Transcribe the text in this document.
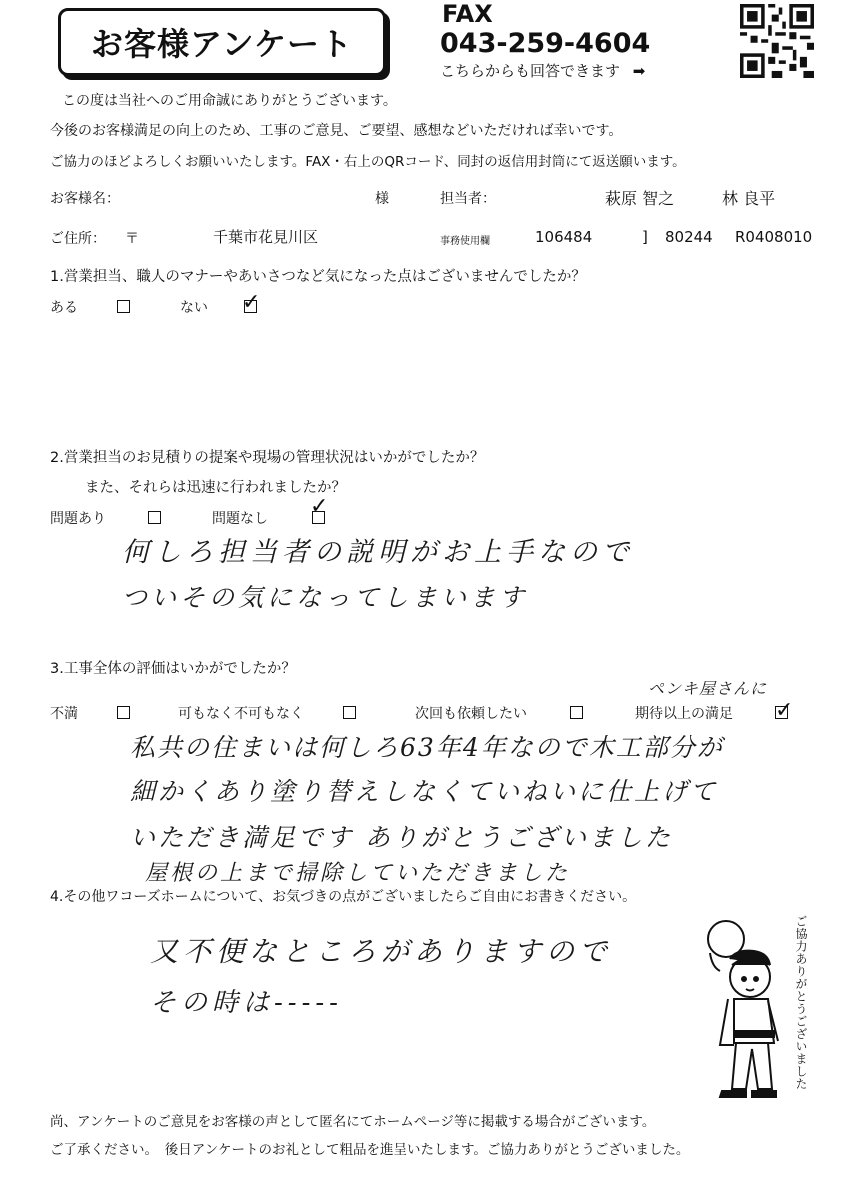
お客様アンケート
FAX
043-259-4604
こちらからも回答できます ➡
この度は当社へのご用命誠にありがとうございます。
今後のお客様満足の向上のため、工事のご意見、ご要望、感想などいただければ幸いです。
ご協力のほどよろしくお願いいたします。FAX・右上のQRコード、同封の返信用封筒にて返送願います。
お客様名：	様	担当者：	萩原 智之	林 良平
ご住所： 〒	千葉市花見川区	事務使用欄	106484	] 80244 R0408010
1.営業担当、職人のマナーやあいさつなど気になった点はございませんでしたか？
ある	ない ✓
2.営業担当のお見積りの提案や現場の管理状況はいかがでしたか？
また、それらは迅速に行われましたか？
問題あり	問題なし ✓
何しろ担当者の説明がお上手なので
ついその気になってしまいます
3.工事全体の評価はいかがでしたか？
不満	可もなく不可もなく	次回も依頼したい	期待以上の満足 ✓
ペンキ屋さんに
私共の住まいは何しろ63年4年なので木工部分が
細かくあり塗り替えしなくていねいに仕上げて
いただき満足です ありがとうございました
屋根の上まで掃除していただきました
4.その他ワコーズホームについて、お気づきの点がございましたらご自由にお書きください。
又不便なところがありますので
その時は-----	ご協力ありがとうございました
尚、アンケートのご意見をお客様の声として匿名にてホームページ等に掲載する場合がございます。
ご了承ください。　後日アンケートのお礼として粗品を進呈いたします。ご協力ありがとうございました。
